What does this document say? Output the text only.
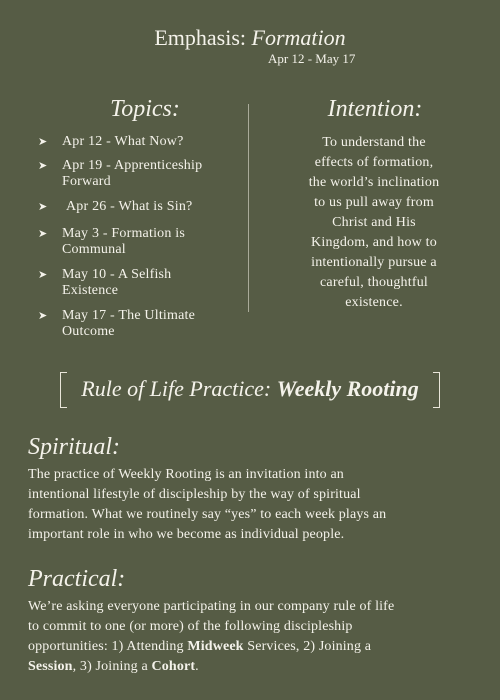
Emphasis: Formation
Apr 12 - May 17
Topics:
➤ Apr 12 - What Now?
➤ Apr 19 - Apprenticeship
Forward
➤ Apr 26 - What is Sin?
➤ May 3 - Formation is
Communal
➤ May 10 - A Selfish
Existence
➤ May 17 - The Ultimate
Outcome
Intention:
To understand the
effects of formation,
the world’s inclination
to us pull away from
Christ and His
Kingdom, and how to
intentionally pursue a
careful, thoughtful
existence.
Rule of Life Practice: Weekly Rooting
Spiritual:
The practice of Weekly Rooting is an invitation into an
intentional lifestyle of discipleship by the way of spiritual
formation. What we routinely say “yes” to each week plays an
important role in who we become as individual people.
Practical:
We’re asking everyone participating in our company rule of life
to commit to one (or more) of the following discipleship
opportunities: 1) Attending Midweek Services, 2) Joining a
Session, 3) Joining a Cohort.
